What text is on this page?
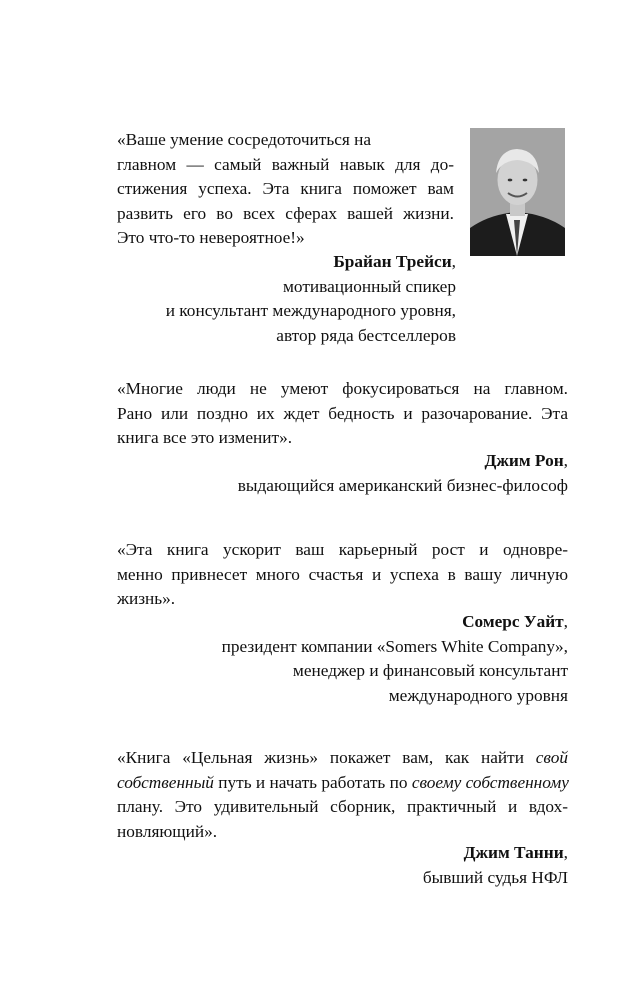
«Ваше умение сосредоточиться на
главном — самый важный навык для до-
стижения успеха. Эта книга поможет вам
развить его во всех сферах вашей жизни.
Это что-то невероятное!»
Брайан Трейси,
мотивационный спикер
и консультант международного уровня,
автор ряда бестселлеров
«Многие люди не умеют фокусироваться на главном.
Рано или поздно их ждет бедность и разочарование. Эта
книга все это изменит».
Джим Рон,
выдающийся американский бизнес-философ
«Эта книга ускорит ваш карьерный рост и одновре-
менно привнесет много счастья и успеха в вашу личную
жизнь».
Сомерс Уайт,
президент компании «Somers White Company»,
менеджер и финансовый консультант
международного уровня
«Книга «Цельная жизнь» покажет вам, как найти свой
собственный путь и начать работать по своему собственному
плану. Это удивительный сборник, практичный и вдох-
новляющий».
Джим Танни,
бывший судья НФЛ
